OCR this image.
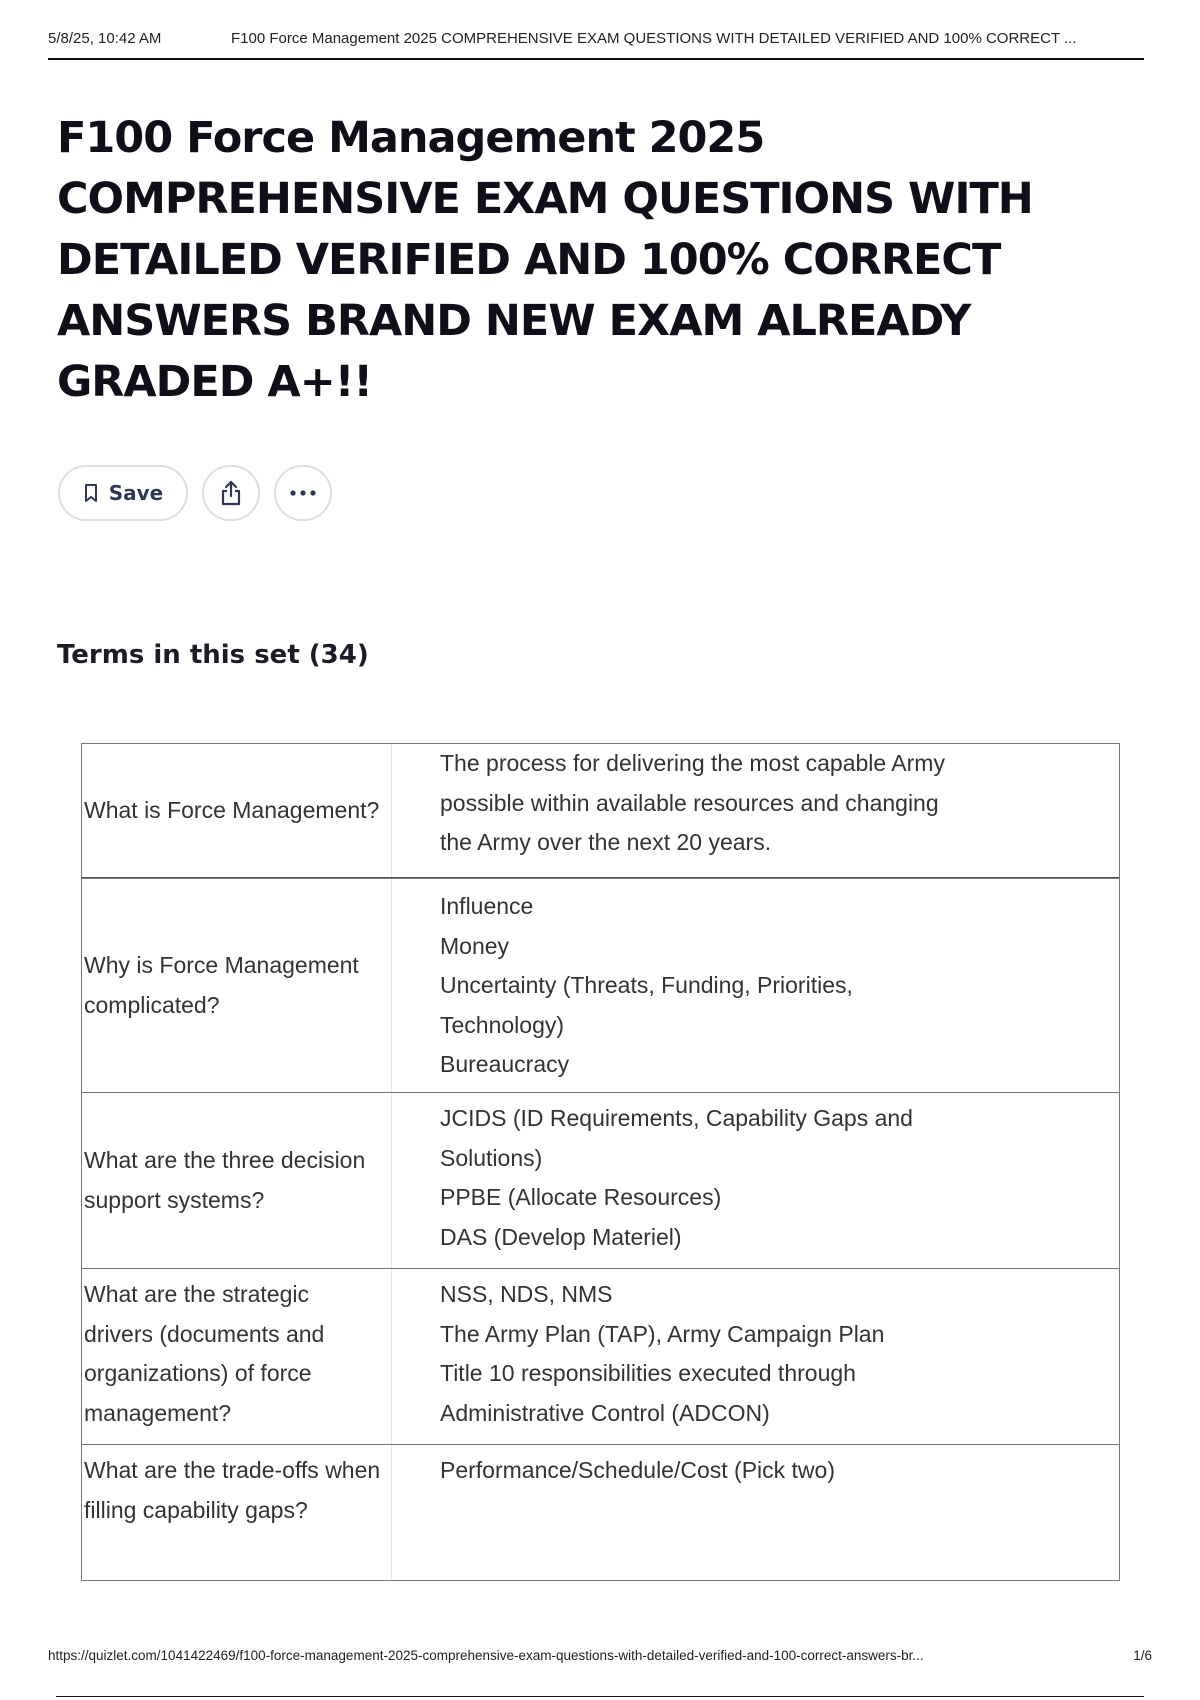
5/8/25, 10:42 AM	F100 Force Management 2025 COMPREHENSIVE EXAM QUESTIONS WITH DETAILED VERIFIED AND 100% CORRECT ...
F100 Force Management 2025 COMPREHENSIVE EXAM QUESTIONS WITH DETAILED VERIFIED AND 100% CORRECT ANSWERS BRAND NEW EXAM ALREADY GRADED A+!!
Save
Terms in this set (34)
What is Force Management?
The process for delivering the most capable Army
possible within available resources and changing
the Army over the next 20 years.
Why is Force Management complicated?
Influence
Money
Uncertainty (Threats, Funding, Priorities,
Technology)
Bureaucracy
What are the three decision support systems?
JCIDS (ID Requirements, Capability Gaps and
Solutions)
PPBE (Allocate Resources)
DAS (Develop Materiel)
What are the strategic drivers (documents and organizations) of force management?
NSS, NDS, NMS
The Army Plan (TAP), Army Campaign Plan
Title 10 responsibilities executed through
Administrative Control (ADCON)
What are the trade-offs when filling capability gaps?
Performance/Schedule/Cost (Pick two)
https://quizlet.com/1041422469/f100-force-management-2025-comprehensive-exam-questions-with-detailed-verified-and-100-correct-answers-br...	1/6
